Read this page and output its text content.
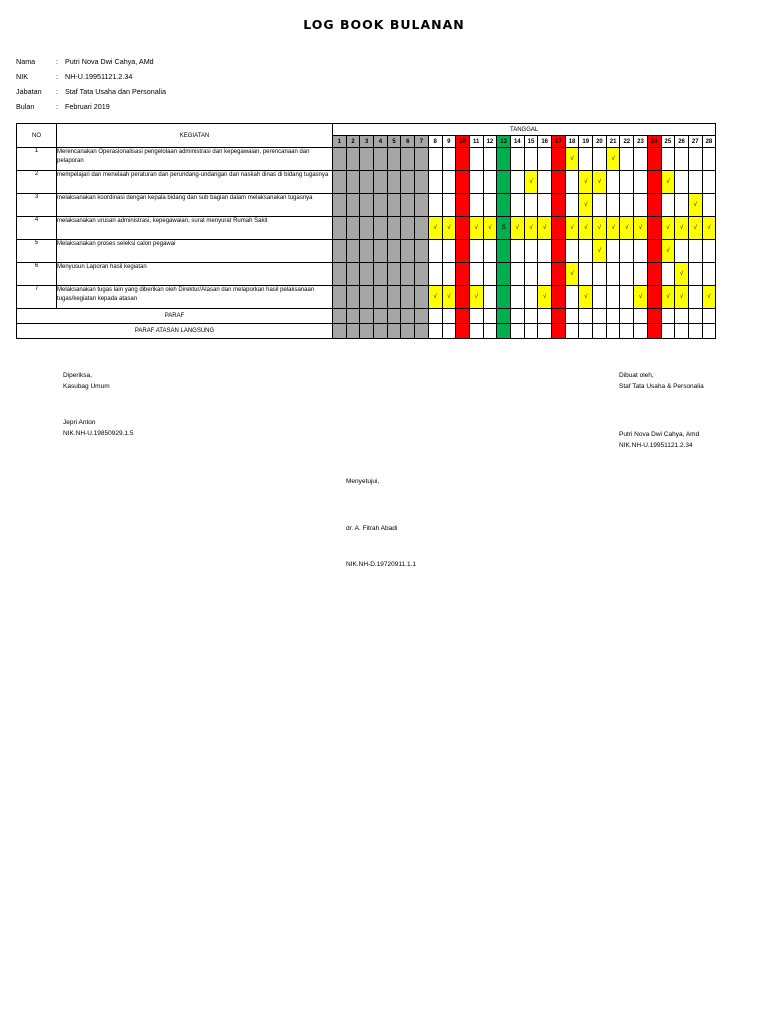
LOG BOOK BULANAN
Nama	: Putri Nova Dwi Cahya, AMd
NIK	: NH-U.19951121.2.34
Jabatan	: Staf Tata Usaha dan Personalia
Bulan	: Februari 2019
NO	KEGIATAN	TANGGAL																											
		1	2	3	4	5	6	7	8	9	10	11	12	13	14	15	16	17	18	19	20	21	22	23	24	25	26	27	28
1	Merencanakan Operasionalisasi pengelolaan administrasi dan kepegawaian, perencanaan dan pelaporan																		√			√							
2	mempelajari dan menelaah peraturan dan perundang-undangan dan naskah dinas di bidang tugasnya															√				√	√					√			
3	melaksanakan koordinasi dengan kepala bidang dan sub bagian dalam melaksanakan tugasnya																			√								√	
4	melaksanakan urusan administrasi, kepegawaian, surat menyurat Rumah Sakit								√	√		√	√	S	√	√	√		√	√	√	√	√	√		√	√	√	√
5	Melaksanakan proses seleksi calon pegawai																				√					√			
6	Menyusun Laporan hasil kegiatan																		√								√		
7	Melaksanakan tugas lain yang diberikan oleh Direktur/Atasan dan melaporkan hasil pelaksanaan tugas/kegiatan kepada atasan								√	√		√					√			√				√		√	√		√
PARAF																													
PARAF ATASAN LANGSUNG																													
Diperiksa,
Kasubag Umum
Jepri Anton
NIK.NH-U.19850929.1.5
Dibuat oleh,
Staf Tata Usaha & Personalia
Putri Nova Dwi Cahya, Amd
NIK.NH-U.19951121.2.34
Menyetujui,
dr. A. Fitrah Abadi
NIK.NH-D.19720911.1.1
